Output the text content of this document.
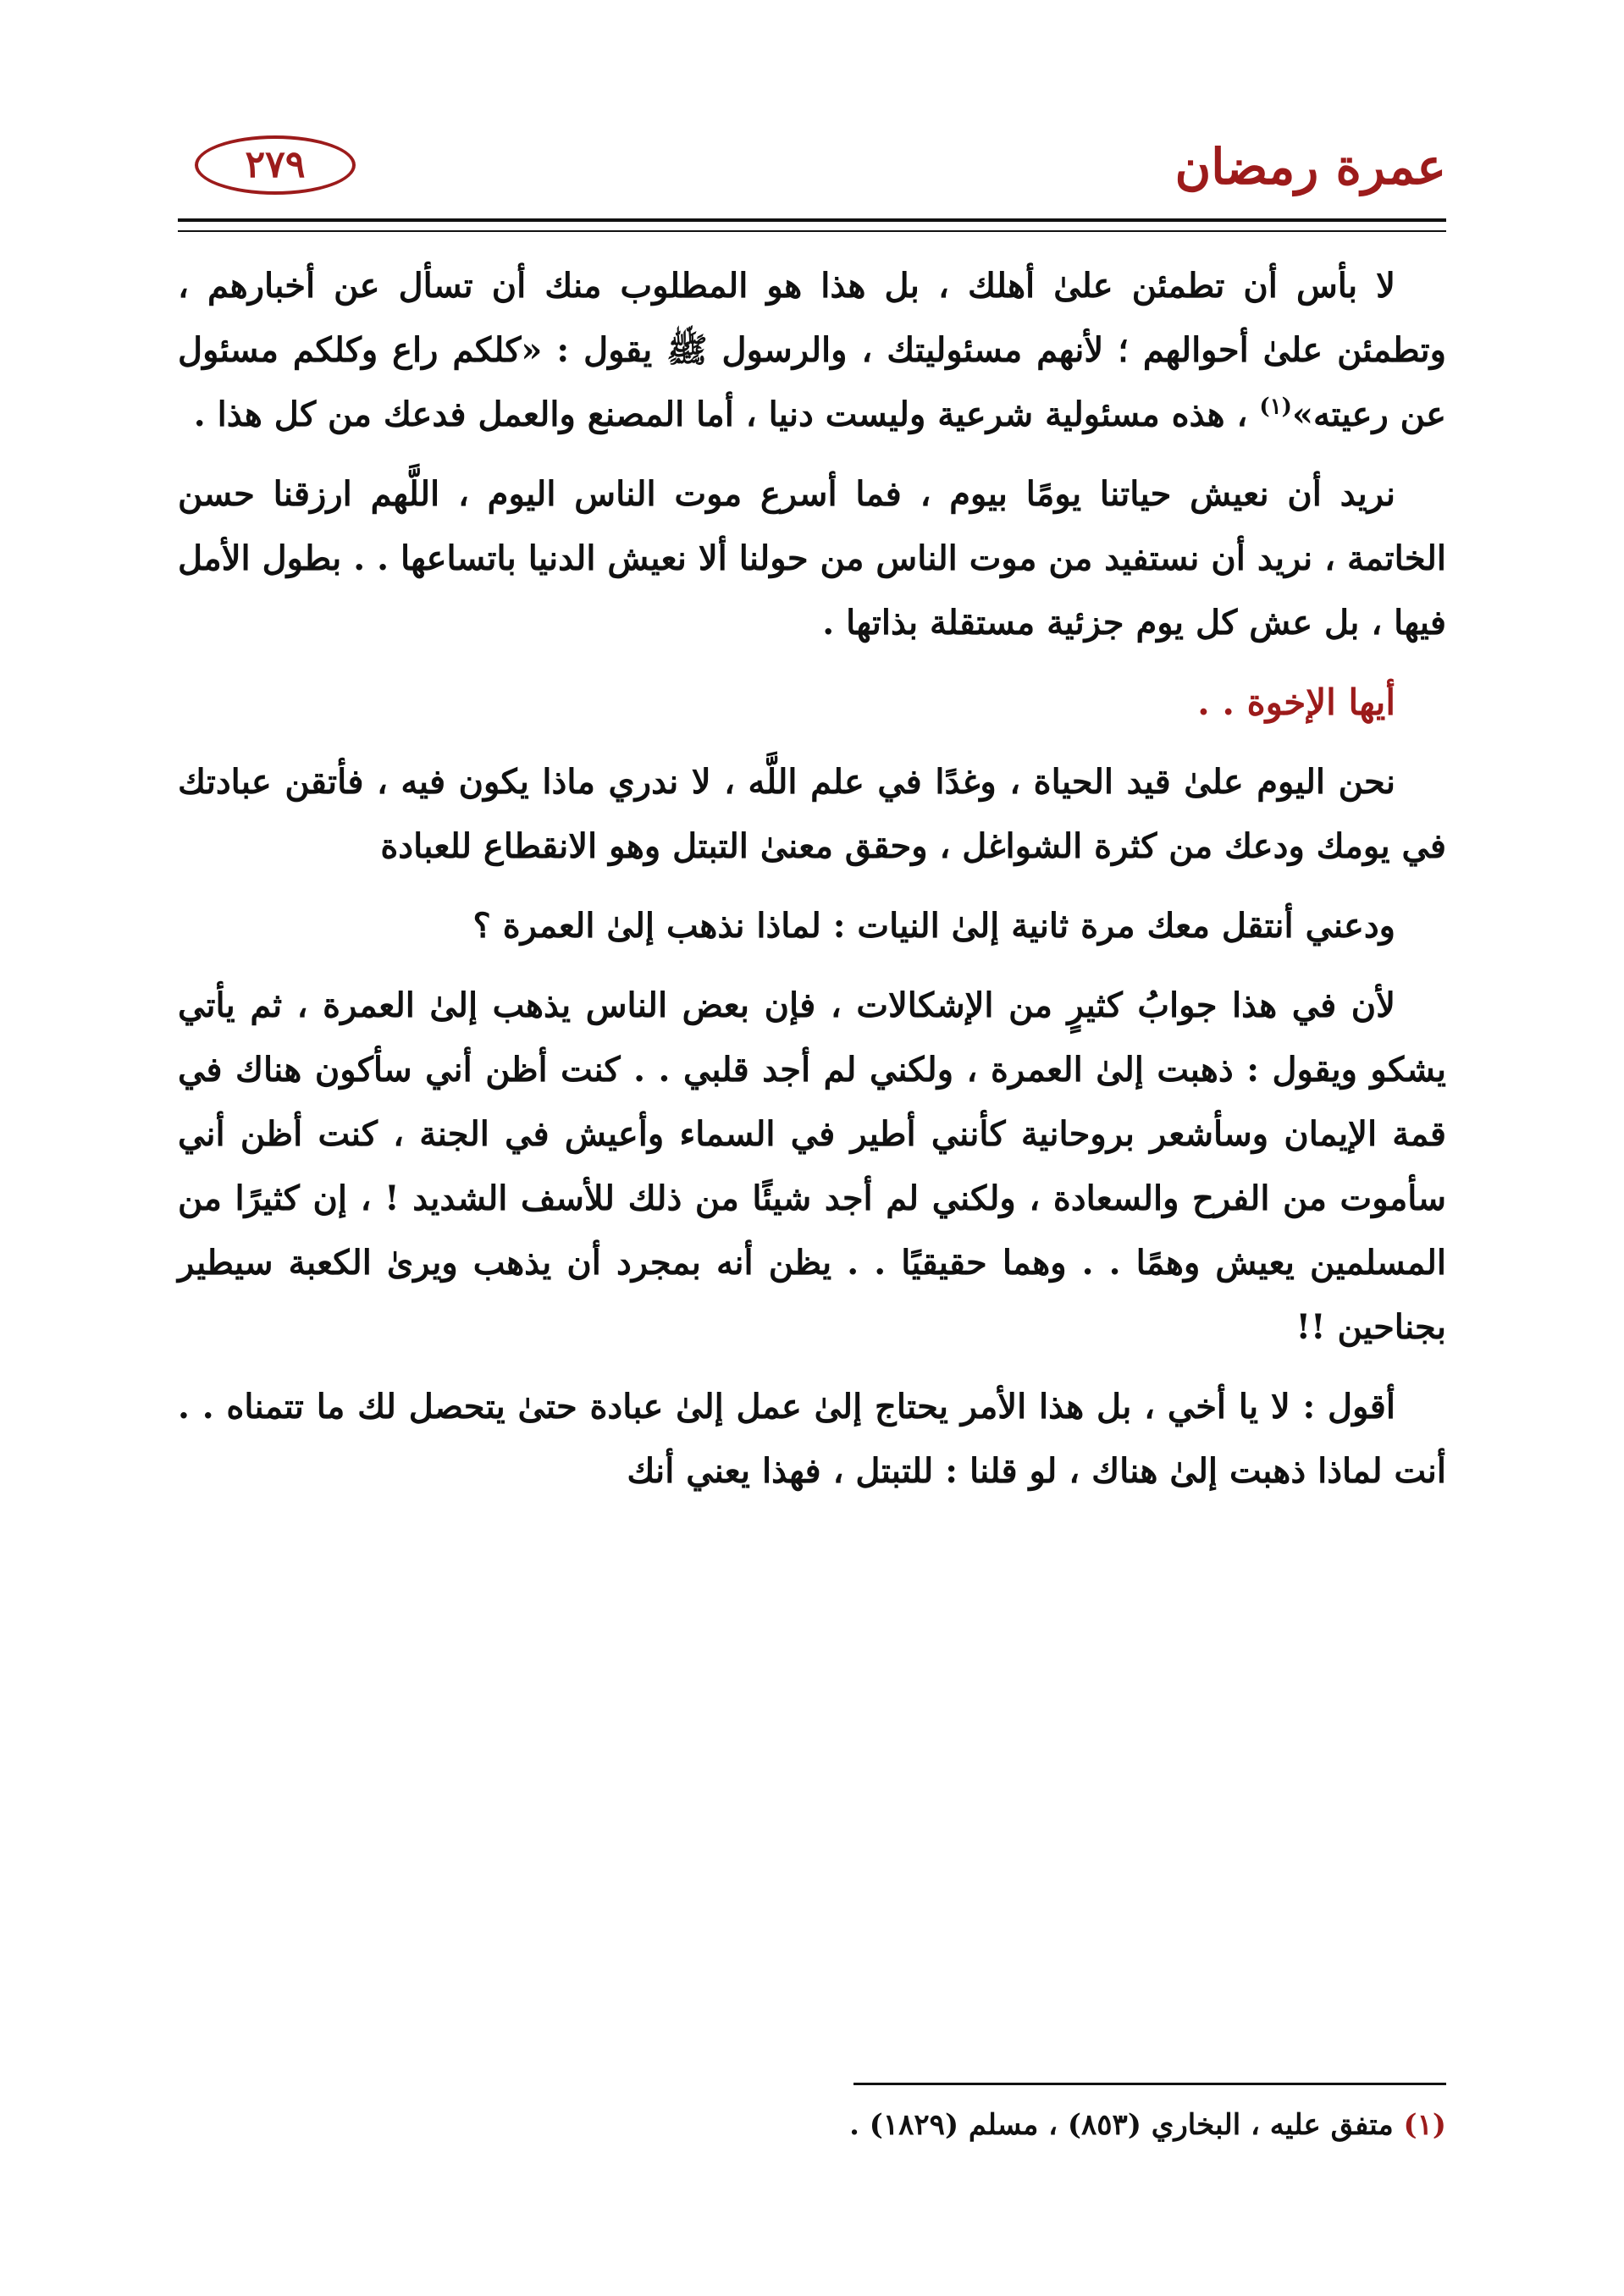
عمرة رمضان
٢٧٩

لا بأس أن تطمئن علىٰ أهلك ، بل هذا هو المطلوب منك أن تسأل عن أخبارهم ، وتطمئن علىٰ أحوالهم ؛ لأنهم مسئوليتك ، والرسول ﷺ يقول : «كلكم راع وكلكم مسئول عن رعيته»$^{(١)}$ ، هذه مسئولية شرعية وليست دنيا ، أما المصنع والعمل فدعك من كل هذا .

نريد أن نعيش حياتنا يومًا بيوم ، فما أسرع موت الناس اليوم ، اللَّهم ارزقنا حسن الخاتمة ، نريد أن نستفيد من موت الناس من حولنا ألا نعيش الدنيا باتساعها . . بطول الأمل فيها ، بل عش كل يوم جزئية مستقلة بذاتها .

أيها الإخوة . .

نحن اليوم علىٰ قيد الحياة ، وغدًا في علم اللَّه ، لا ندري ماذا يكون فيه ، فأتقن عبادتك في يومك ودعك من كثرة الشواغل ، وحقق معنىٰ التبتل وهو الانقطاع للعبادة

ودعني أنتقل معك مرة ثانية إلىٰ النيات : لماذا نذهب إلىٰ العمرة ؟

لأن في هذا جوابُ كثيرٍ من الإشكالات ، فإن بعض الناس يذهب إلىٰ العمرة ، ثم يأتي يشكو ويقول : ذهبت إلىٰ العمرة ، ولكني لم أجد قلبي . . كنت أظن أني سأكون هناك في قمة الإيمان وسأشعر بروحانية كأنني أطير في السماء وأعيش في الجنة ، كنت أظن أني سأموت من الفرح والسعادة ، ولكني لم أجد شيئًا من ذلك للأسف الشديد ! ، إن كثيرًا من المسلمين يعيش وهمًا . . وهما حقيقيًا . . يظن أنه بمجرد أن يذهب ويرىٰ الكعبة سيطير بجناحين !!

أقول : لا يا أخي ، بل هذا الأمر يحتاج إلىٰ عمل إلىٰ عبادة حتىٰ يتحصل لك ما تتمناه . . أنت لماذا ذهبت إلىٰ هناك ، لو قلنا : للتبتل ، فهذا يعني أنك

(١) متفق عليه ، البخاري (٨٥٣) ، مسلم (١٨٢٩) .
